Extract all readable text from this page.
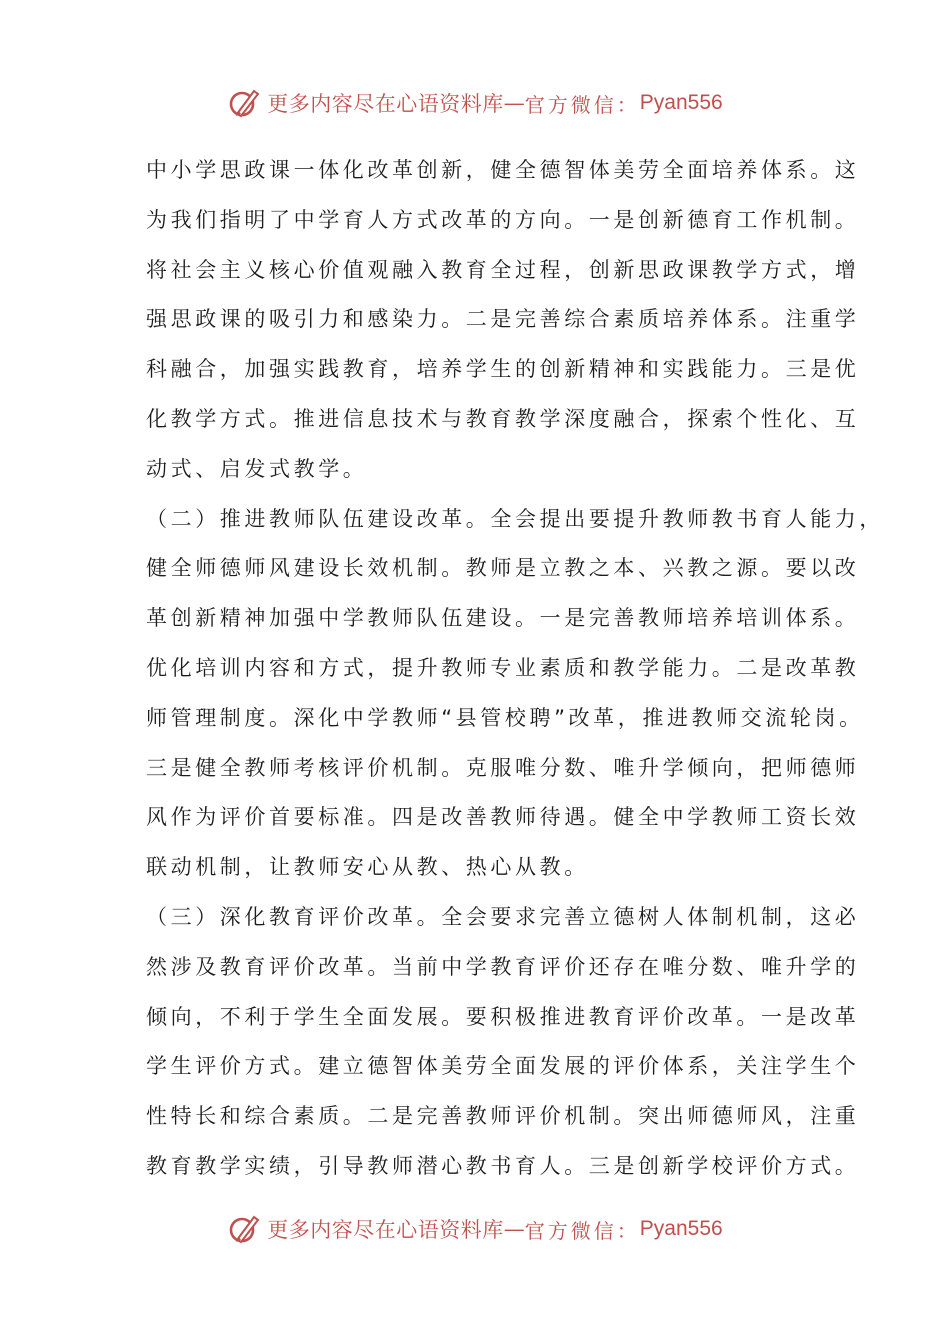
更多内容尽在心语资料库 — 官方微信： Pyan556
中小学思政课一体化改革创新，健全德智体美劳全面培养体系。这
为我们指明了中学育人方式改革的方向。一是创新德育工作机制。
将社会主义核心价值观融入教育全过程，创新思政课教学方式，增
强思政课的吸引力和感染力。二是完善综合素质培养体系。注重学
科融合，加强实践教育，培养学生的创新精神和实践能力。三是优
化教学方式。推进信息技术与教育教学深度融合，探索个性化、互
动式、启发式教学。
（二）推进教师队伍建设改革。全会提出要提升教师教书育人能力，
健全师德师风建设长效机制。教师是立教之本、兴教之源。要以改
革创新精神加强中学教师队伍建设。一是完善教师培养培训体系。
优化培训内容和方式，提升教师专业素质和教学能力。二是改革教
师管理制度。深化中学教师“县管校聘”改革，推进教师交流轮岗。
三是健全教师考核评价机制。克服唯分数、唯升学倾向，把师德师
风作为评价首要标准。四是改善教师待遇。健全中学教师工资长效
联动机制，让教师安心从教、热心从教。
（三）深化教育评价改革。全会要求完善立德树人体制机制，这必
然涉及教育评价改革。当前中学教育评价还存在唯分数、唯升学的
倾向，不利于学生全面发展。要积极推进教育评价改革。一是改革
学生评价方式。建立德智体美劳全面发展的评价体系，关注学生个
性特长和综合素质。二是完善教师评价机制。突出师德师风，注重
教育教学实绩，引导教师潜心教书育人。三是创新学校评价方式。
更多内容尽在心语资料库 — 官方微信： Pyan556
